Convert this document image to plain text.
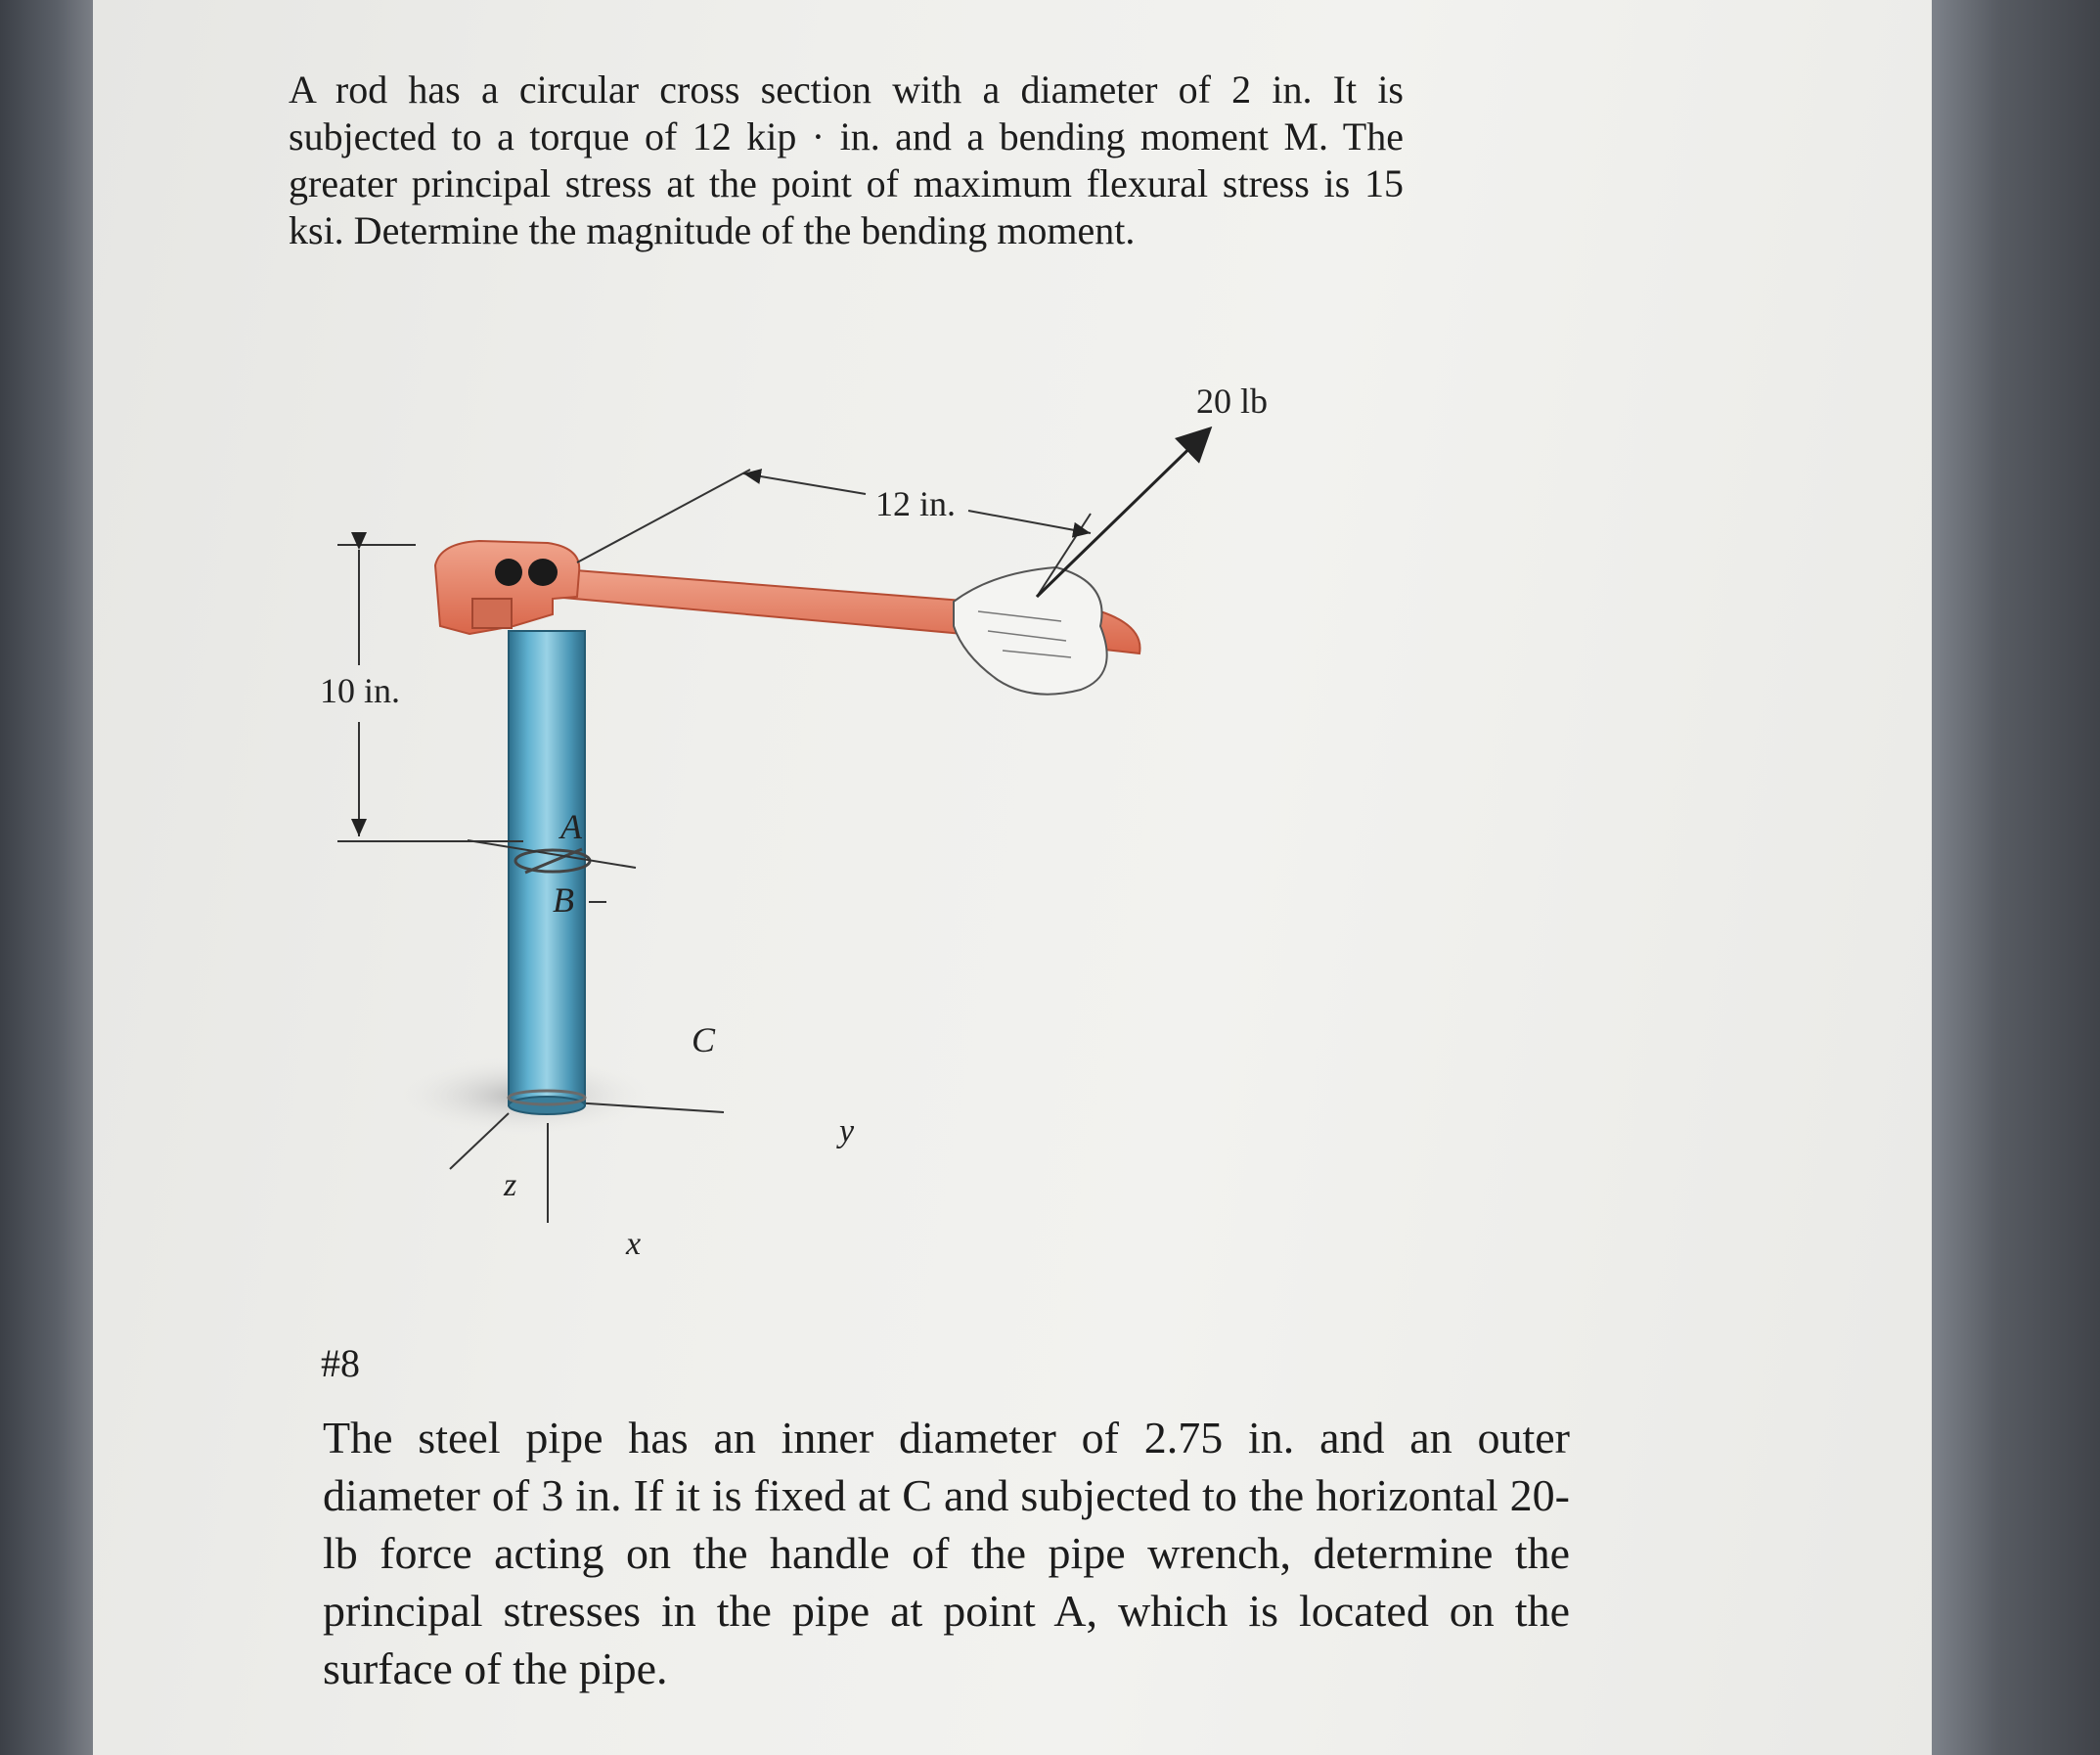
A rod has a circular cross section with a diameter of 2 in. It is subjected to a torque of 12 kip · in. and a bending moment M. The greater principal stress at the point of maximum flexural stress is 15 ksi. Determine the magnitude of the bending moment.

20 lb
12 in.
10 in.
A
B
C
x
y
z
#8

The steel pipe has an inner diameter of 2.75 in. and an outer diameter of 3 in. If it is fixed at C and subjected to the horizontal 20-lb force acting on the handle of the pipe wrench, determine the principal stresses in the pipe at point A, which is located on the surface of the pipe.
